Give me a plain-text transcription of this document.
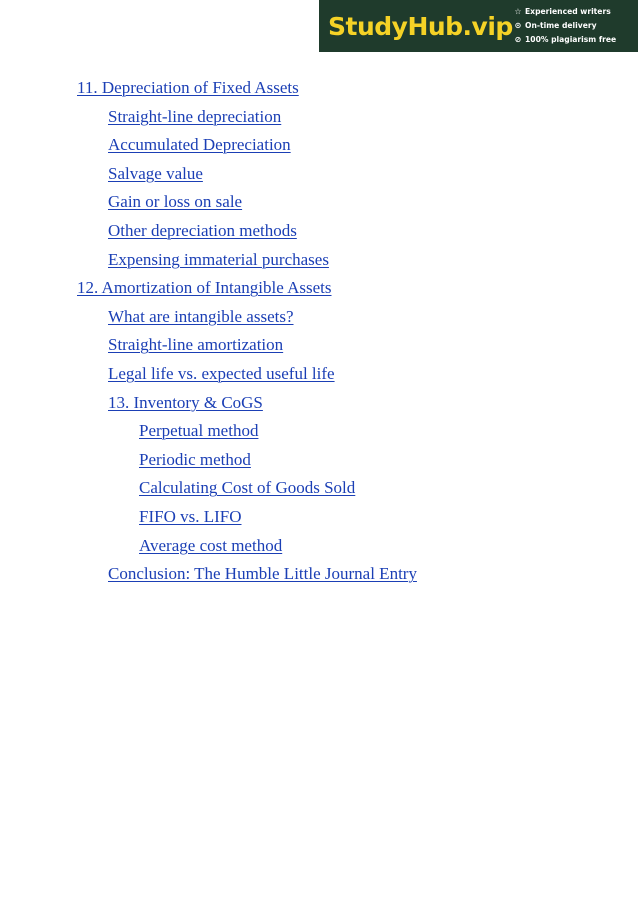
StudyHub.vip ☆ Experienced writers
⊙ On-time delivery
⊘ 100% plagiarism free
11. Depreciation of Fixed Assets
Straight-line depreciation
Accumulated Depreciation
Salvage value
Gain or loss on sale
Other depreciation methods
Expensing immaterial purchases
12. Amortization of Intangible Assets
What are intangible assets?
Straight-line amortization
Legal life vs. expected useful life
13. Inventory & CoGS
Perpetual method
Periodic method
Calculating Cost of Goods Sold
FIFO vs. LIFO
Average cost method
Conclusion: The Humble Little Journal Entry
